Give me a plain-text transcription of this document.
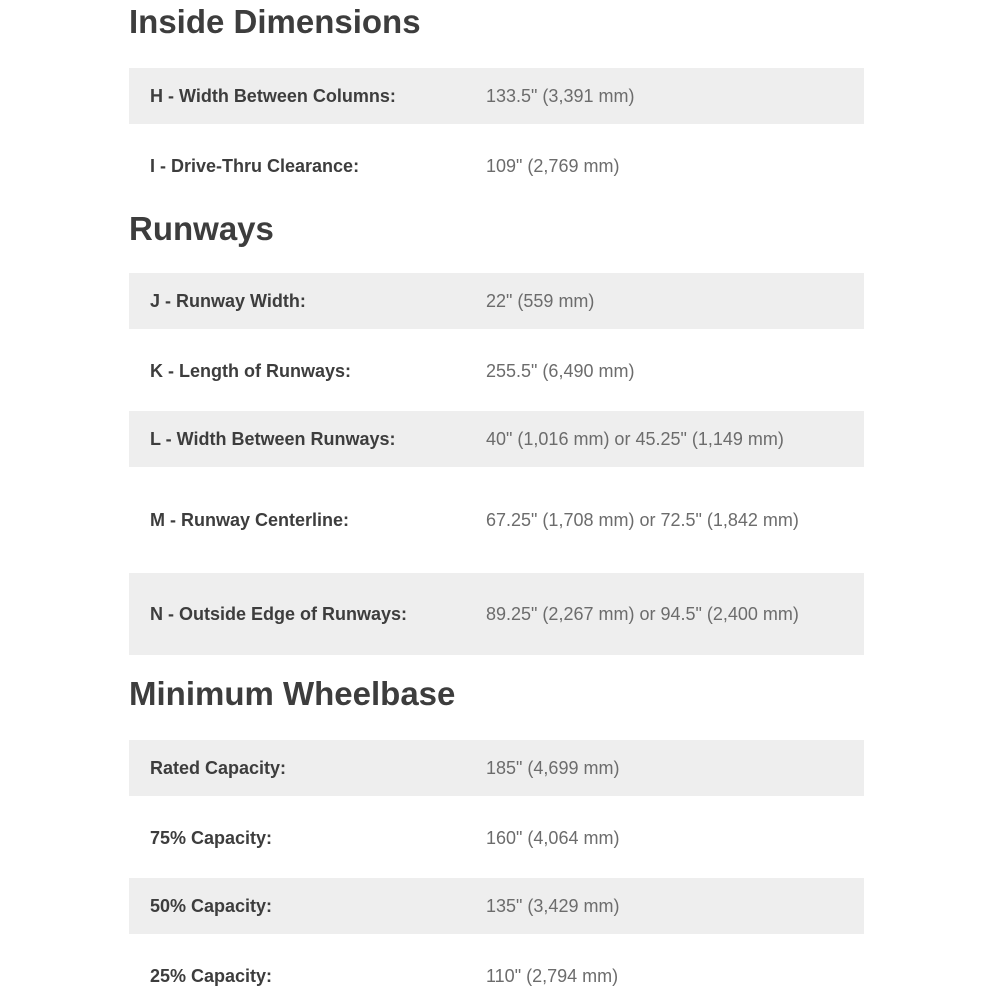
Inside Dimensions
H - Width Between Columns:	133.5" (3,391 mm)
I - Drive-Thru Clearance:	109" (2,769 mm)
Runways
J - Runway Width:	22" (559 mm)
K - Length of Runways:	255.5" (6,490 mm)
L - Width Between Runways:	40" (1,016 mm) or 45.25" (1,149 mm)
M - Runway Centerline:	67.25" (1,708 mm) or 72.5" (1,842 mm)
N - Outside Edge of Runways:	89.25" (2,267 mm) or 94.5" (2,400 mm)
Minimum Wheelbase
Rated Capacity:	185" (4,699 mm)
75% Capacity:	160" (4,064 mm)
50% Capacity:	135" (3,429 mm)
25% Capacity:	110" (2,794 mm)
